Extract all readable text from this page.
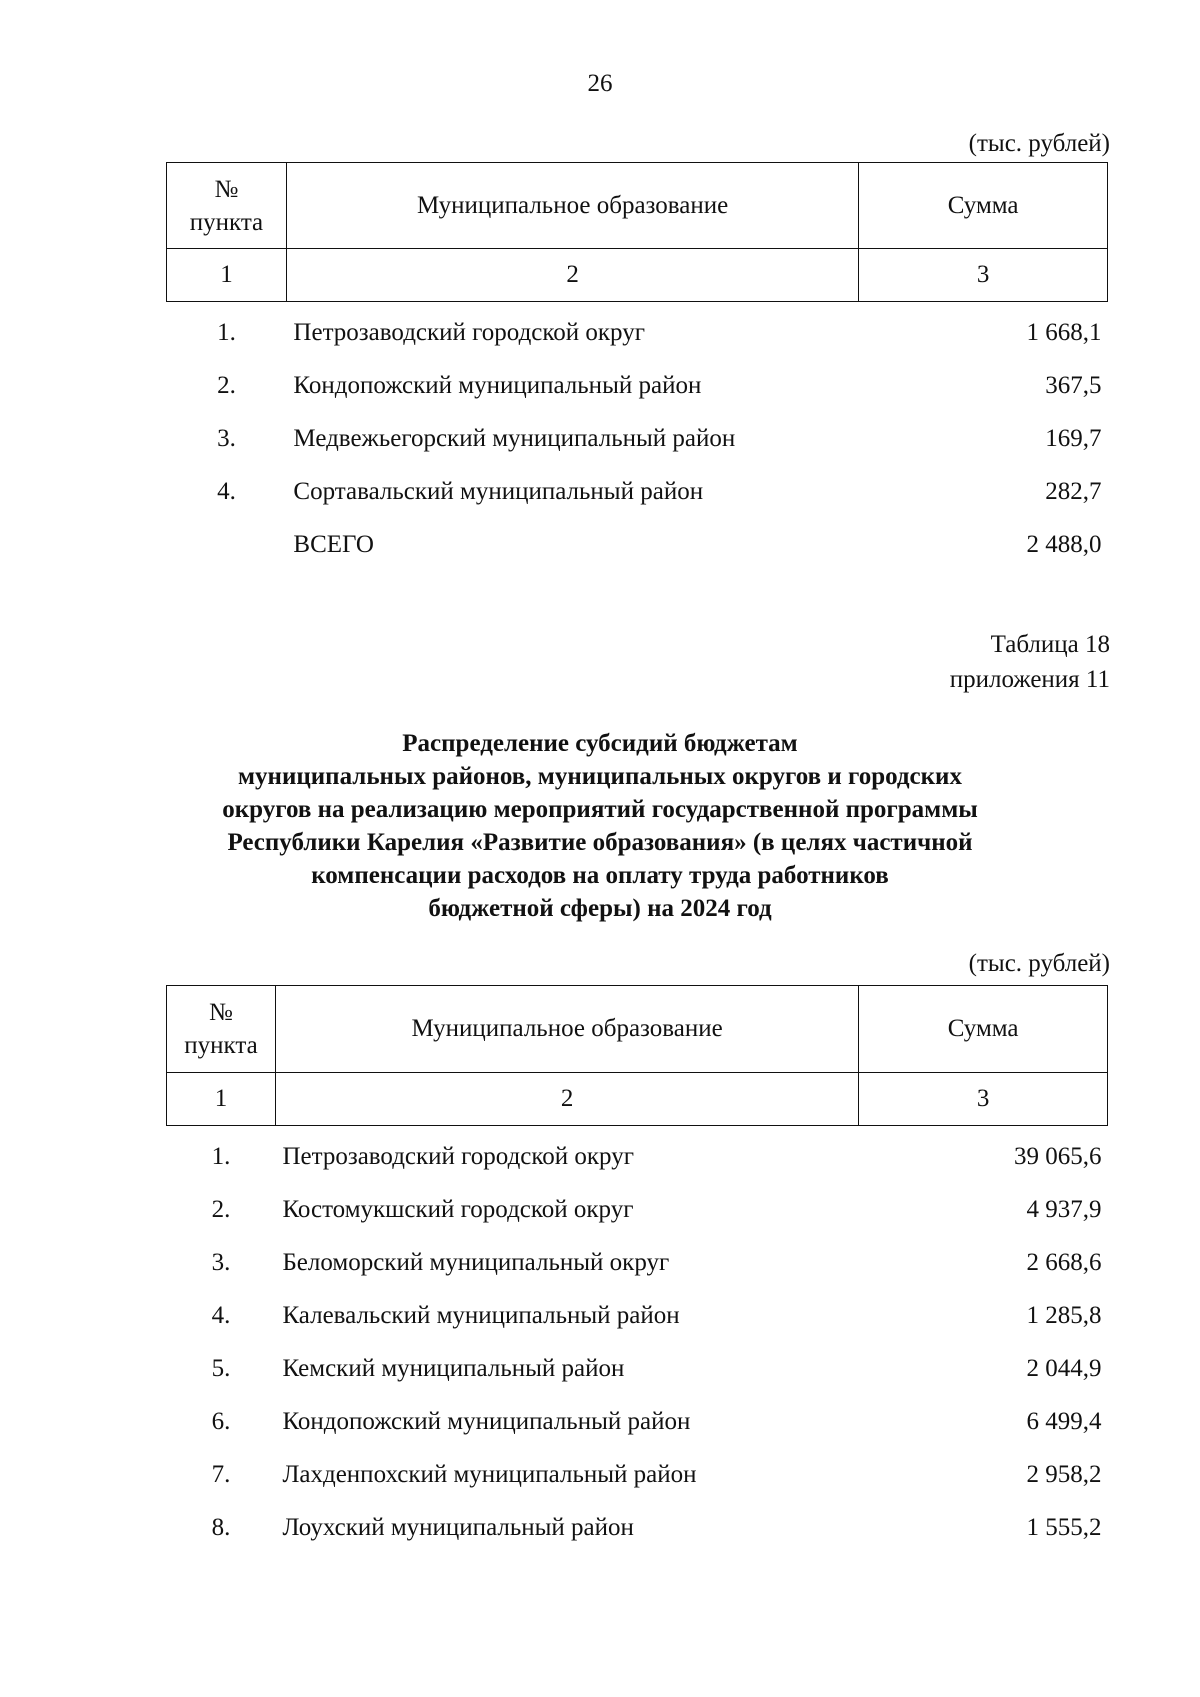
26
(тыс. рублей)
№
пункта	Муниципальное образование	Сумма
1	2	3

1.	Петрозаводский городской округ	1 668,1
2.	Кондопожский муниципальный район	367,5
3.	Медвежьегорский муниципальный район	169,7
4.	Сортавальский муниципальный район	282,7
	ВСЕГО	2 488,0
Таблица 18
приложения 11
Распределение субсидий бюджетам
муниципальных районов, муниципальных округов и городских
округов на реализацию мероприятий государственной программы
Республики Карелия «Развитие образования» (в целях частичной
компенсации расходов на оплату труда работников
бюджетной сферы) на 2024 год
(тыс. рублей)
№
пункта	Муниципальное образование	Сумма
1	2	3

1.	Петрозаводский городской округ	39 065,6
2.	Костомукшский городской округ	4 937,9
3.	Беломорский муниципальный округ	2 668,6
4.	Калевальский муниципальный район	1 285,8
5.	Кемский муниципальный район	2 044,9
6.	Кондопожский муниципальный район	6 499,4
7.	Лахденпохский муниципальный район	2 958,2
8.	Лоухский муниципальный район	1 555,2
